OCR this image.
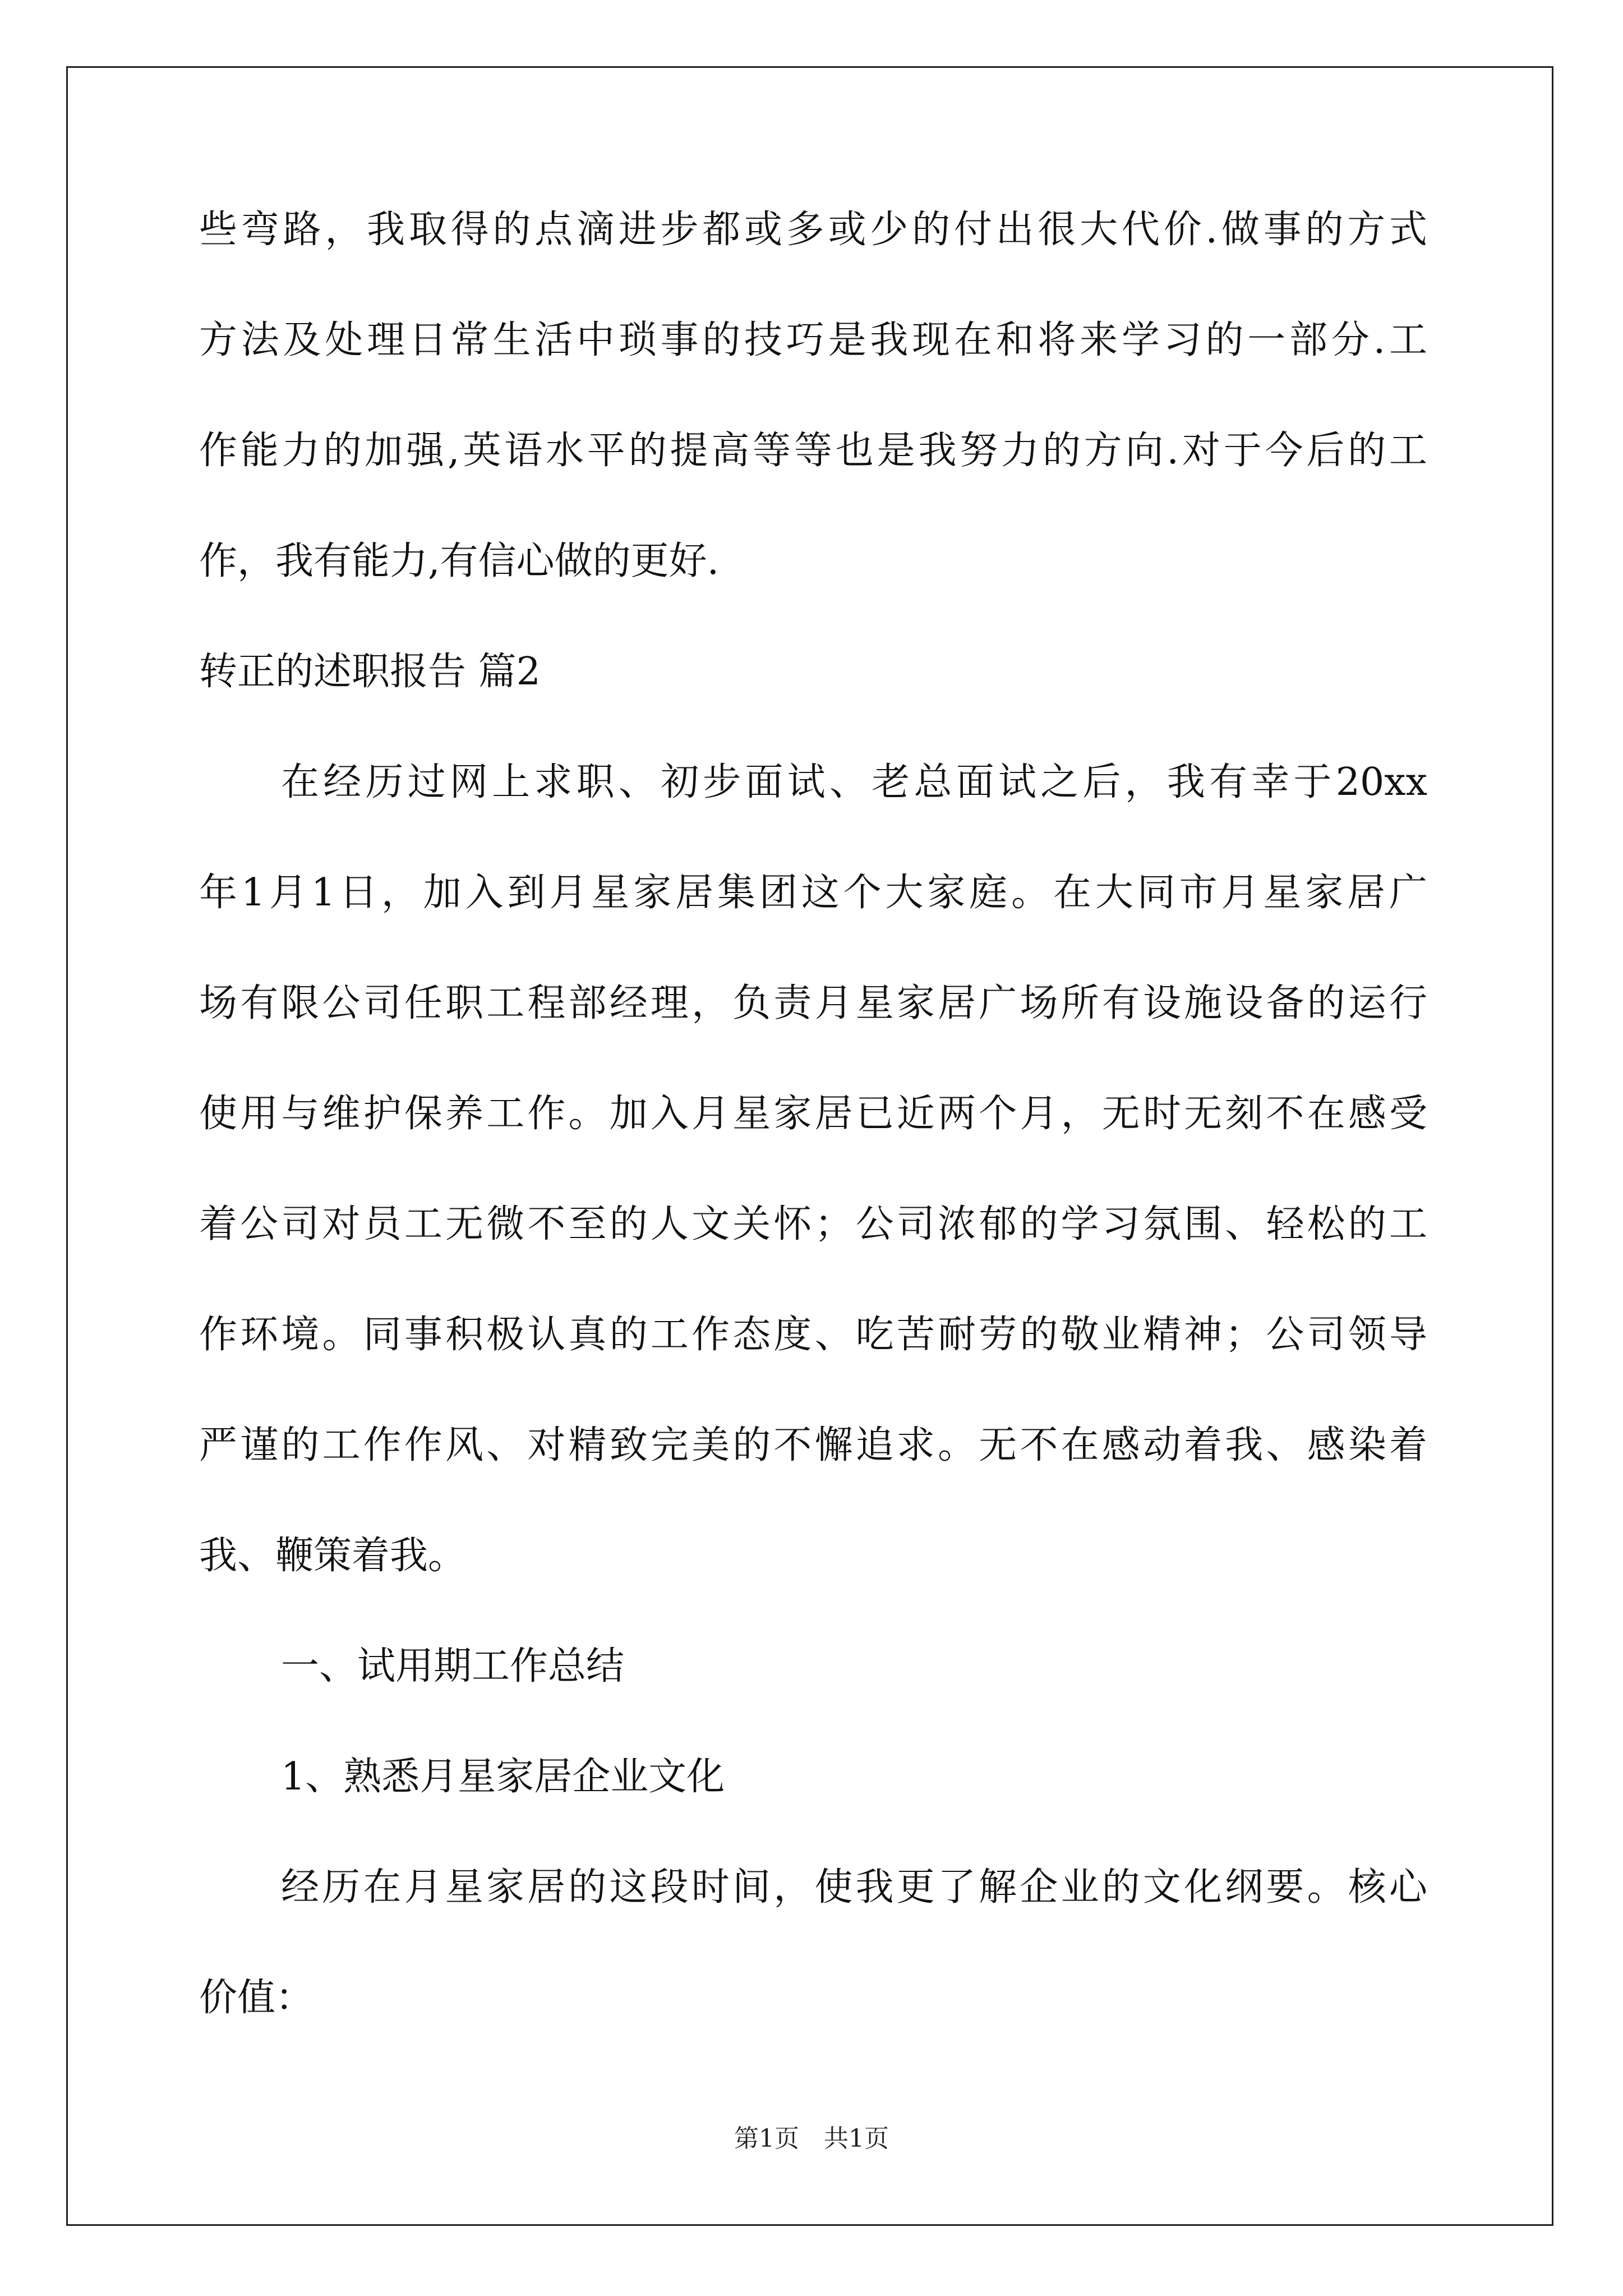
些弯路，我取得的点滴进步都或多或少的付出很大代价.做事的方式
方法及处理日常生活中琐事的技巧是我现在和将来学习的一部分.工
作能力的加强,英语水平的提高等等也是我努力的方向.对于今后的工
作，我有能力,有信心做的更好.
转正的述职报告 篇2
在经历过网上求职、初步面试、老总面试之后，我有幸于20xx
年1月1日，加入到月星家居集团这个大家庭。在大同市月星家居广
场有限公司任职工程部经理，负责月星家居广场所有设施设备的运行
使用与维护保养工作。加入月星家居已近两个月，无时无刻不在感受
着公司对员工无微不至的人文关怀；公司浓郁的学习氛围、轻松的工
作环境。同事积极认真的工作态度、吃苦耐劳的敬业精神；公司领导
严谨的工作作风、对精致完美的不懈追求。无不在感动着我、感染着
我、鞭策着我。
一、试用期工作总结
1、熟悉月星家居企业文化
经历在月星家居的这段时间，使我更了解企业的文化纲要。核心
价值：
第1页 共1页
